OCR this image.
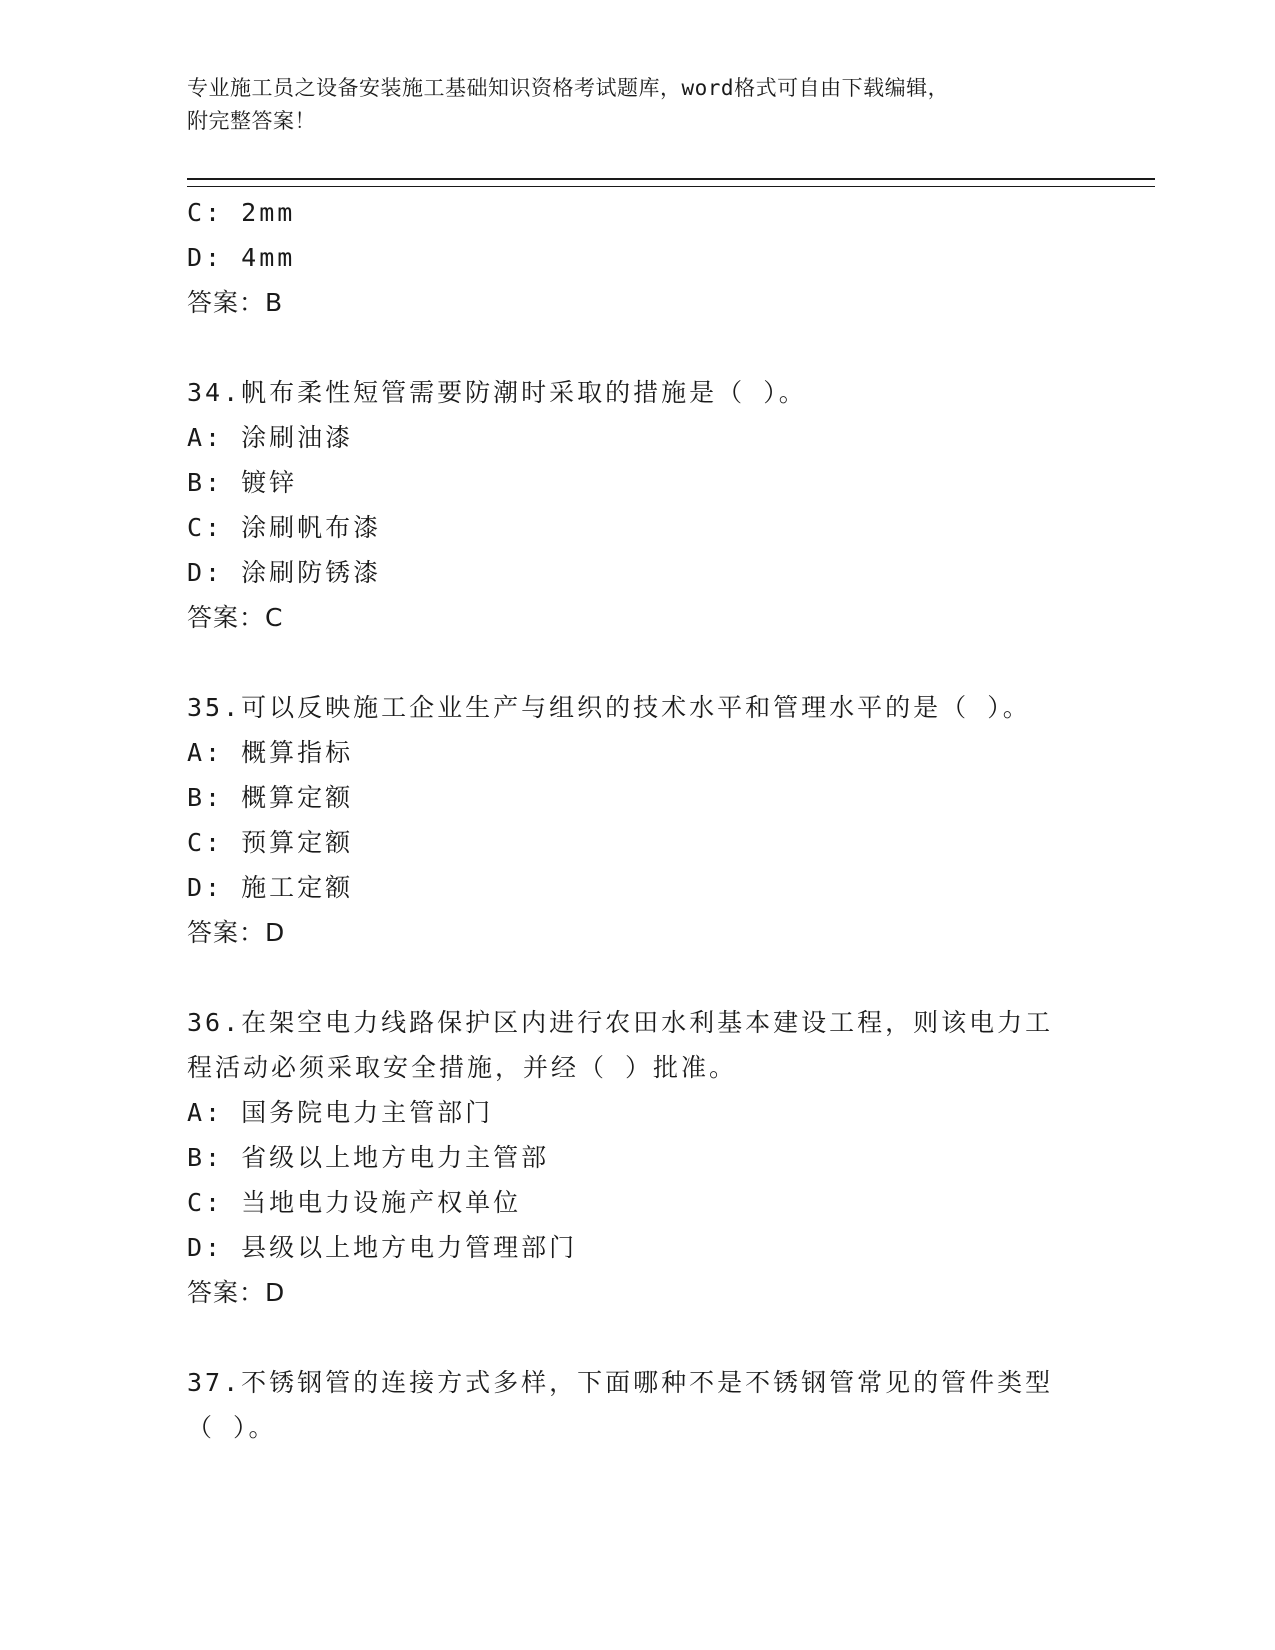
专业施工员之设备安装施工基础知识资格考试题库，word格式可自由下载编辑，
附完整答案！
C: 2mm
D: 4mm
答案：B
34.帆布柔性短管需要防潮时采取的措施是（ ）。
A: 涂刷油漆
B: 镀锌
C: 涂刷帆布漆
D: 涂刷防锈漆
答案：C
35.可以反映施工企业生产与组织的技术水平和管理水平的是（ ）。
A: 概算指标
B: 概算定额
C: 预算定额
D: 施工定额
答案：D
36.在架空电力线路保护区内进行农田水利基本建设工程，则该电力工
程活动必须采取安全措施，并经（ ）批准。
A: 国务院电力主管部门
B: 省级以上地方电力主管部
C: 当地电力设施产权单位
D: 县级以上地方电力管理部门
答案：D
37.不锈钢管的连接方式多样，下面哪种不是不锈钢管常见的管件类型
（ ）。
